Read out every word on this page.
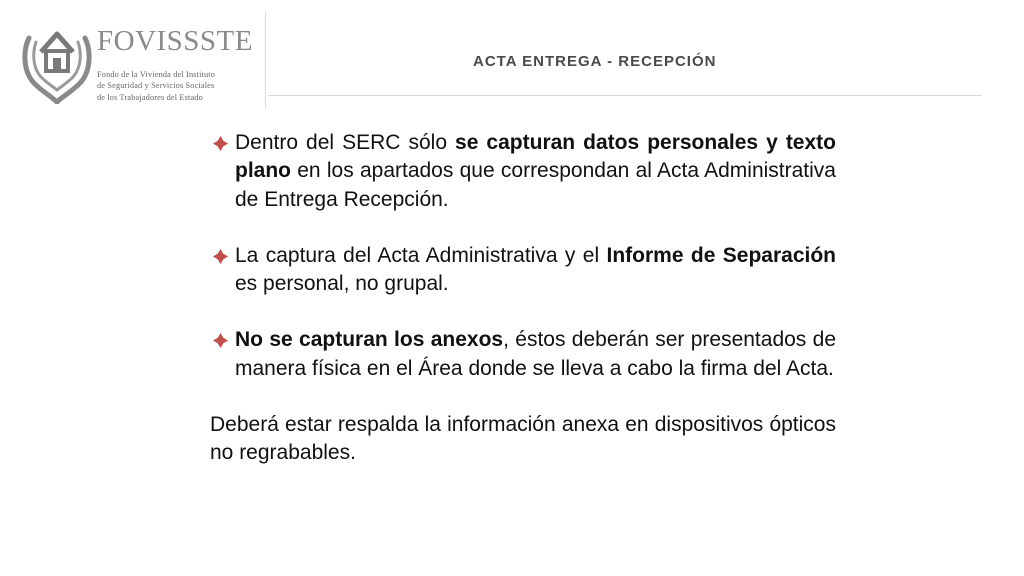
FOVISSSTE
Fondo de la Vivienda del Instituto
de Seguridad y Servicios Sociales
de los Trabajadores del Estado
ACTA ENTREGA - RECEPCIÓN
Dentro del SERC sólo se capturan datos personales y texto plano en los apartados que correspondan al Acta Administrativa de Entrega Recepción.
La captura del Acta Administrativa y el Informe de Separación es personal, no grupal.
No se capturan los anexos, éstos deberán ser presentados de manera física en el Área donde se lleva a cabo la firma del Acta.
Deberá estar respalda la información anexa en dispositivos ópticos no regrabables.
